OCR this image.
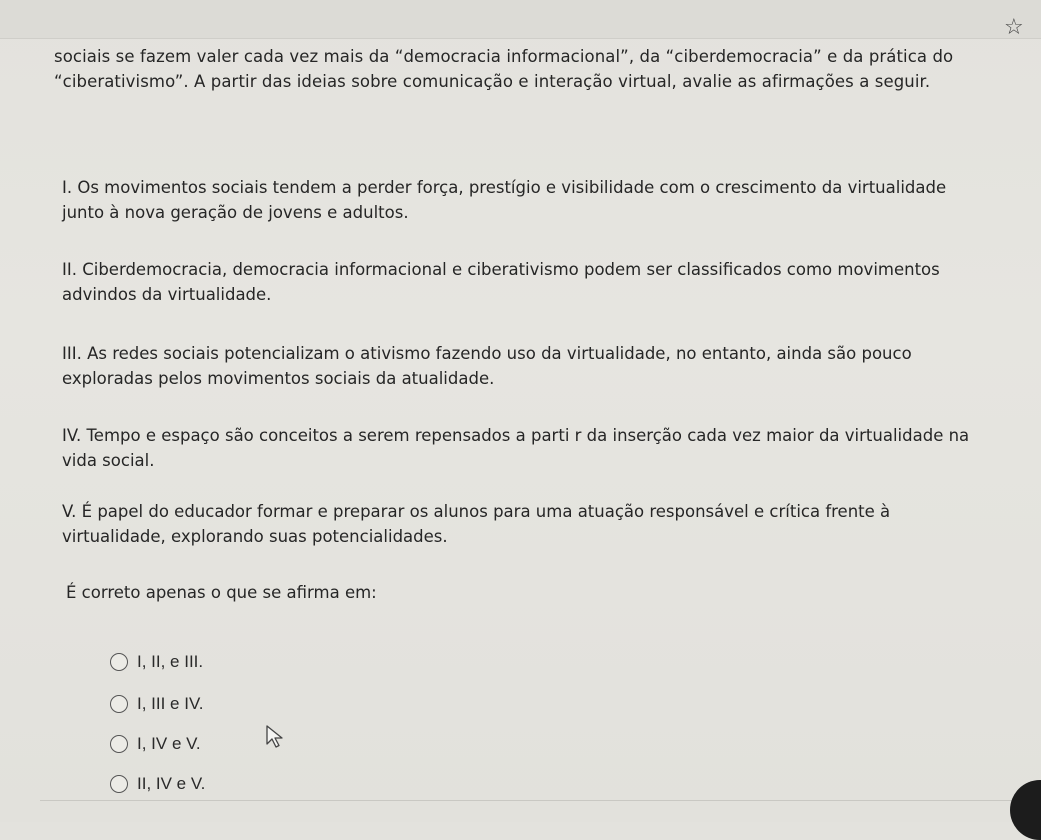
☆
sociais se fazem valer cada vez mais da “democracia informacional”, da “ciberdemocracia” e da prática do “ciberativismo”. A partir das ideias sobre comunicação e interação virtual, avalie as afirmações a seguir.
I. Os movimentos sociais tendem a perder força, prestígio e visibilidade com o crescimento da virtualidade junto à nova geração de jovens e adultos.
II. Ciberdemocracia, democracia informacional e ciberativismo podem ser classificados como movimentos advindos da virtualidade.
III. As redes sociais potencializam o ativismo fazendo uso da virtualidade, no entanto, ainda são pouco exploradas pelos movimentos sociais da atualidade.
IV. Tempo e espaço são conceitos a serem repensados a parti r da inserção cada vez maior da virtualidade na vida social.
V. É papel do educador formar e preparar os alunos para uma atuação responsável e crítica frente à virtualidade, explorando suas potencialidades.
É correto apenas o que se afirma em:
I, II, e III.
I, III e IV.
I, IV e V.
II, IV e V.
